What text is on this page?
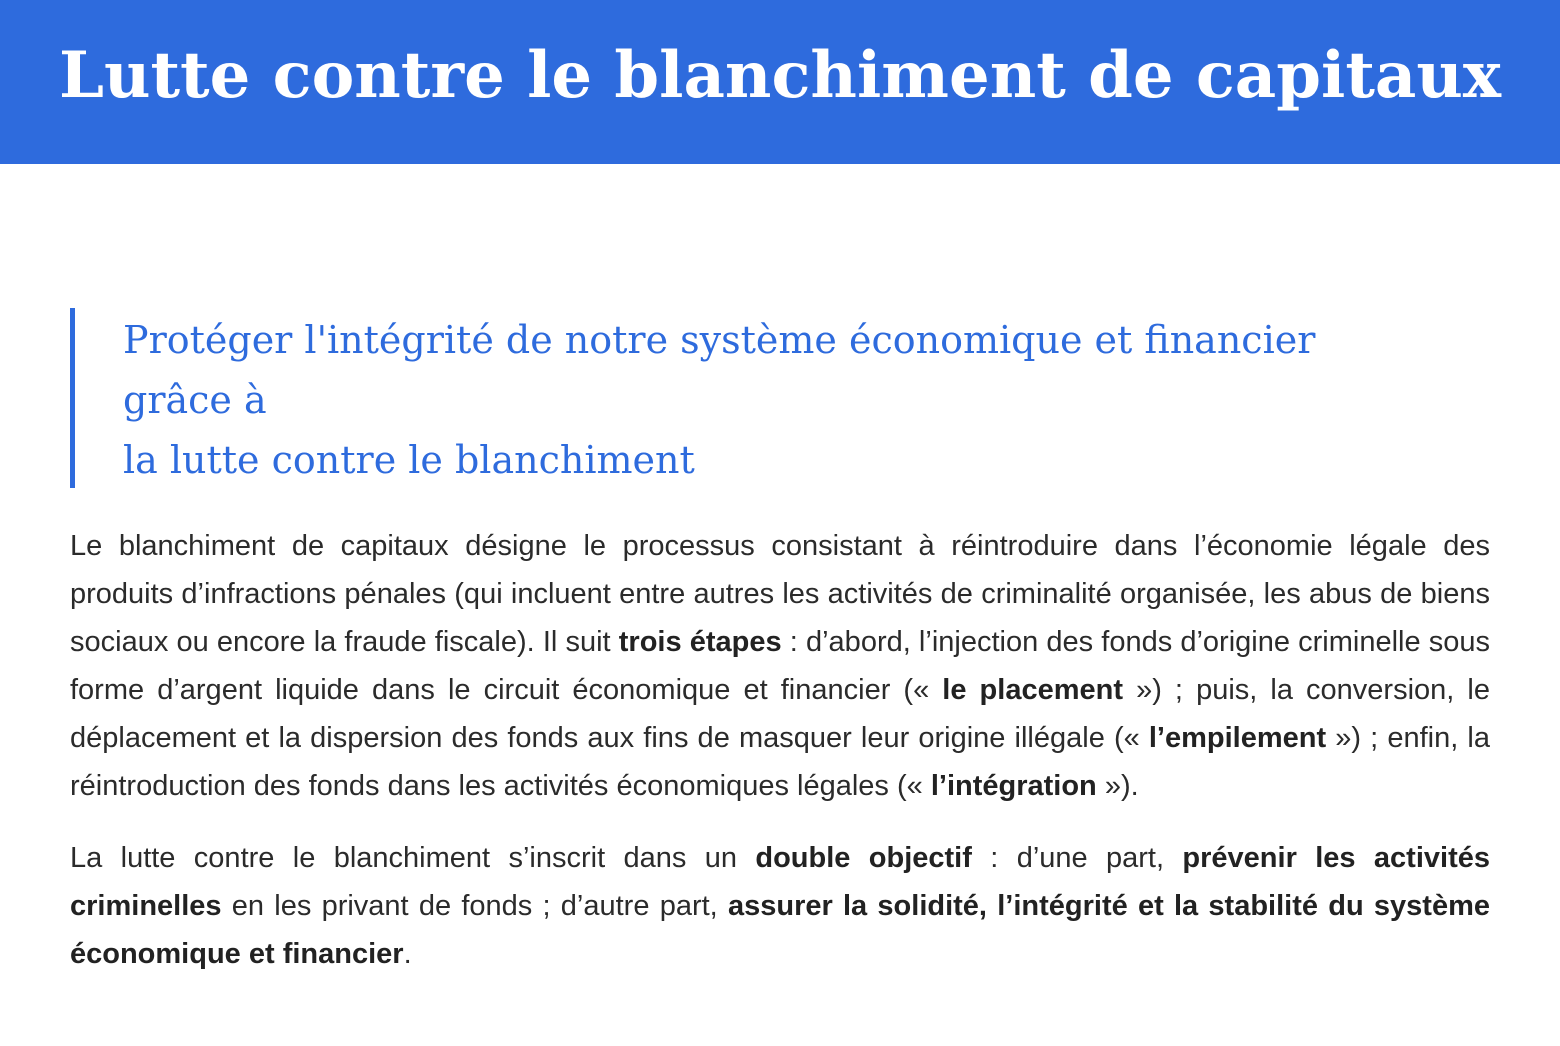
Lutte contre le blanchiment de capitaux

Protéger l'intégrité de notre système économique et financier grâce à
la lutte contre le blanchiment

Le blanchiment de capitaux désigne le processus consistant à réintroduire dans l’économie légale des produits d’infractions pénales (qui incluent entre autres les activités de criminalité organisée, les abus de biens sociaux ou encore la fraude fiscale). Il suit trois étapes : d’abord, l’injection des fonds d’origine criminelle sous forme d’argent liquide dans le circuit économique et financier (« le placement ») ; puis, la conversion, le déplacement et la dispersion des fonds aux fins de masquer leur origine illégale (« l’empilement ») ; enfin, la réintroduction des fonds dans les activités économiques légales (« l’intégration »).

La lutte contre le blanchiment s’inscrit dans un double objectif : d’une part, prévenir les activités criminelles en les privant de fonds ; d’autre part, assurer la solidité, l’intégrité et la stabilité du système économique et financier.
